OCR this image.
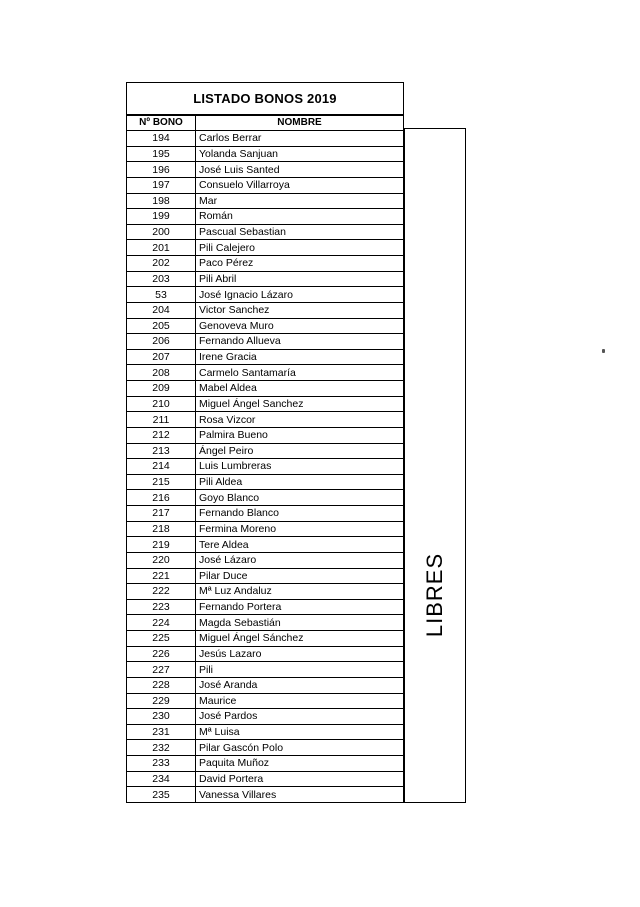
LISTADO BONOS 2019
Nº BONO	NOMBRE
194	Carlos Berrar
195	Yolanda Sanjuan
196	José Luis Santed
197	Consuelo Villarroya
198	Mar
199	Román
200	Pascual Sebastian
201	Pili Calejero
202	Paco Pérez
203	Pili Abril
53	José Ignacio Lázaro
204	Victor Sanchez
205	Genoveva Muro
206	Fernando Allueva
207	Irene Gracia
208	Carmelo Santamaría
209	Mabel Aldea
210	Miguel Ángel Sanchez
211	Rosa Vizcor
212	Palmira Bueno
213	Ángel Peiro
214	Luis Lumbreras
215	Pili Aldea
216	Goyo Blanco
217	Fernando Blanco
218	Fermina Moreno
219	Tere Aldea
220	José Lázaro
221	Pilar Duce
222	Mª Luz Andaluz
223	Fernando Portera
224	Magda Sebastián
225	Miguel Ángel Sánchez
226	Jesús Lazaro
227	Pili
228	José Aranda
229	Maurice
230	José Pardos
231	Mª Luisa
232	Pilar Gascón Polo
233	Paquita Muñoz
234	David Portera
235	Vanessa Villares
LIBRES
